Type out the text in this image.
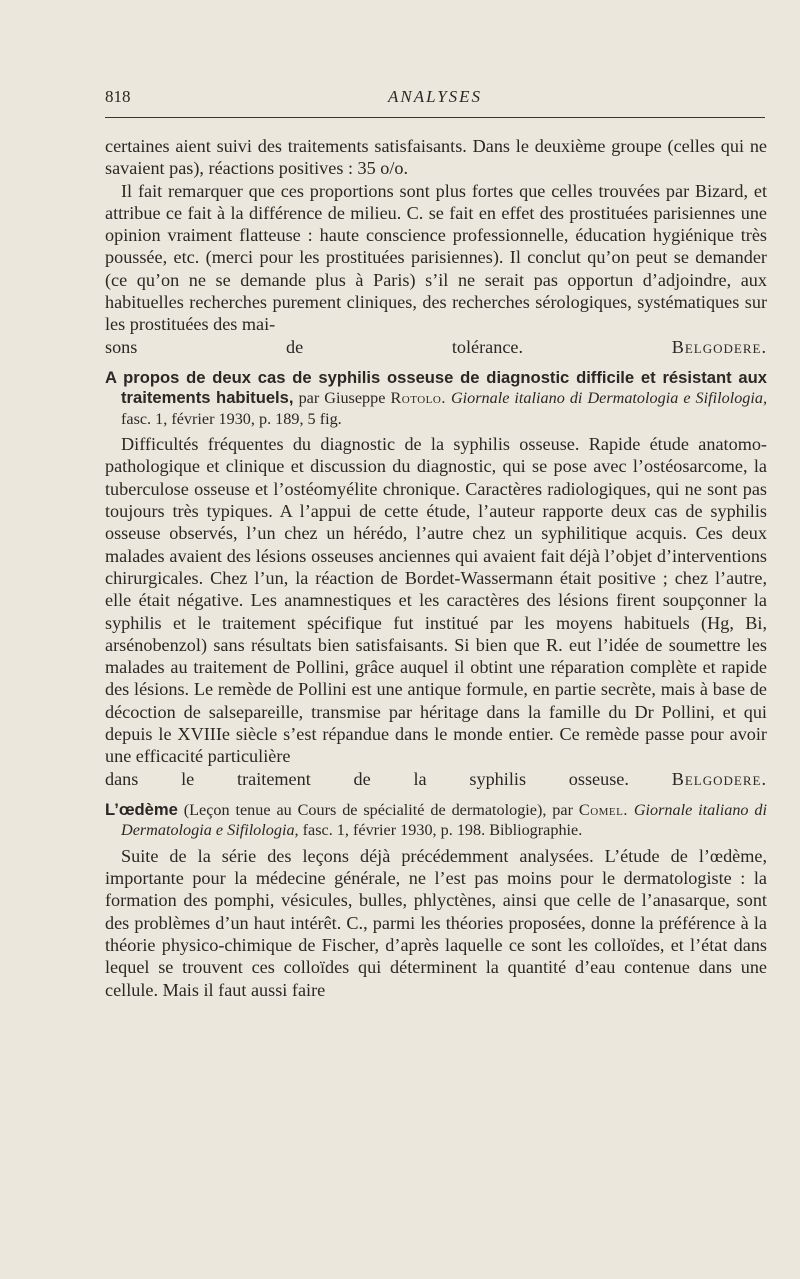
818	ANALYSES

certaines aient suivi des traitements satisfaisants. Dans le deuxième groupe (celles qui ne savaient pas), réactions positives : 35 o/o.

Il fait remarquer que ces proportions sont plus fortes que celles trouvées par Bizard, et attribue ce fait à la différence de milieu. C. se fait en effet des prostituées parisiennes une opinion vraiment flatteuse : haute conscience professionnelle, éducation hygiénique très poussée, etc. (merci pour les prostituées parisiennes). Il conclut qu’on peut se demander (ce qu’on ne se demande plus à Paris) s’il ne serait pas opportun d’adjoindre, aux habituelles recherches purement cliniques, des recherches sérologiques, systématiques sur les prostituées des mai-

sons de tolérance.	Belgodere.

A propos de deux cas de syphilis osseuse de diagnostic difficile et résistant aux traitements habituels, par Giuseppe Rotolo. Giornale italiano di Dermatologia e Sifilologia, fasc. 1, février 1930, p. 189, 5 fig.

Difficultés fréquentes du diagnostic de la syphilis osseuse. Rapide étude anatomo-pathologique et clinique et discussion du diagnostic, qui se pose avec l’ostéosarcome, la tuberculose osseuse et l’ostéomyélite chronique. Caractères radiologiques, qui ne sont pas toujours très typiques. A l’appui de cette étude, l’auteur rapporte deux cas de syphilis osseuse observés, l’un chez un hérédo, l’autre chez un syphilitique acquis. Ces deux malades avaient des lésions osseuses anciennes qui avaient fait déjà l’objet d’interventions chirurgicales. Chez l’un, la réaction de Bordet-Wassermann était positive ; chez l’autre, elle était négative. Les anamnestiques et les caractères des lésions firent soupçonner la syphilis et le traitement spécifique fut institué par les moyens habituels (Hg, Bi, arsénobenzol) sans résultats bien satisfaisants. Si bien que R. eut l’idée de soumettre les malades au traitement de Pollini, grâce auquel il obtint une réparation complète et rapide des lésions. Le remède de Pollini est une antique formule, en partie secrète, mais à base de décoction de salsepareille, transmise par héritage dans la famille du Dr Pollini, et qui depuis le XVIIIe siècle s’est répandue dans le monde entier. Ce remède passe pour avoir une efficacité particulière

dans le traitement de la syphilis osseuse. Belgodere.

L’œdème (Leçon tenue au Cours de spécialité de dermatologie), par Comel. Giornale italiano di Dermatologia e Sifilologia, fasc. 1, février 1930, p. 198. Bibliographie.

Suite de la série des leçons déjà précédemment analysées. L’étude de l’œdème, importante pour la médecine générale, ne l’est pas moins pour le dermatologiste : la formation des pomphi, vésicules, bulles, phlyctènes, ainsi que celle de l’anasarque, sont des problèmes d’un haut intérêt. C., parmi les théories proposées, donne la préférence à la théorie physico-chimique de Fischer, d’après laquelle ce sont les colloïdes, et l’état dans lequel se trouvent ces colloïdes qui déterminent la quantité d’eau contenue dans une cellule. Mais il faut aussi faire
